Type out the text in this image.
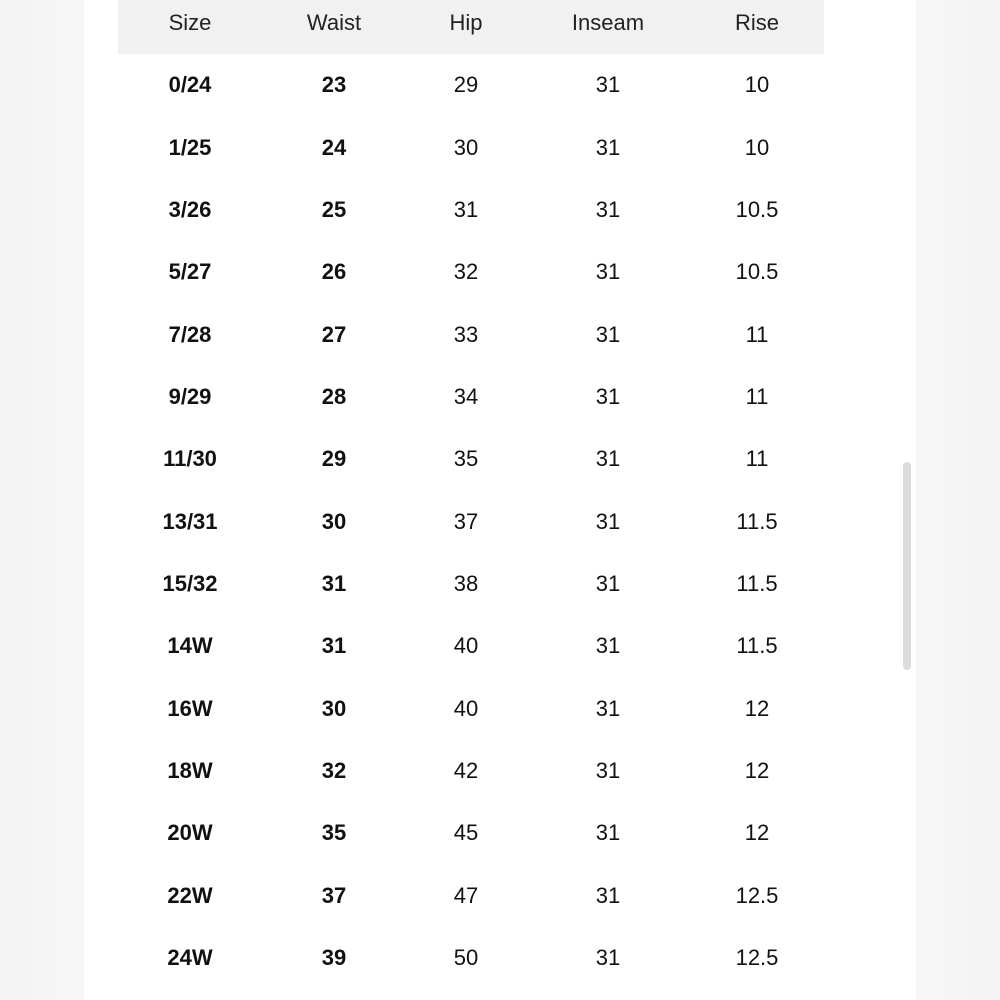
Size	Waist	Hip	Inseam	Rise
0/24	23	29	31	10
1/25	24	30	31	10
3/26	25	31	31	10.5
5/27	26	32	31	10.5
7/28	27	33	31	11
9/29	28	34	31	11
11/30	29	35	31	11
13/31	30	37	31	11.5
15/32	31	38	31	11.5
14W	31	40	31	11.5
16W	30	40	31	12
18W	32	42	31	12
20W	35	45	31	12
22W	37	47	31	12.5
24W	39	50	31	12.5
